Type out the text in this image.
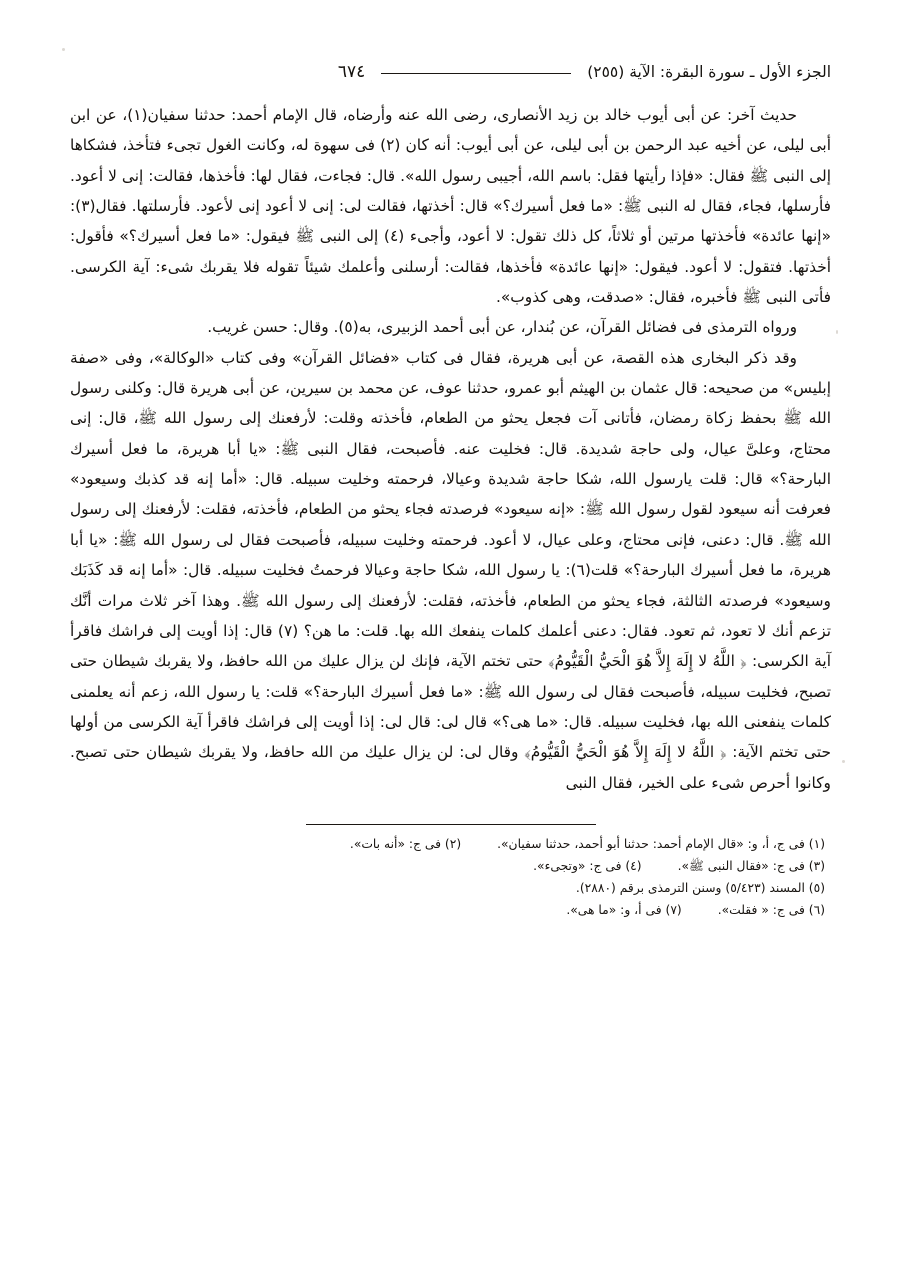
الجزء الأول ـ سورة البقرة: الآية (٢٥٥)
٦٧٤

حديث آخر: عن أبى أيوب خالد بن زيد الأنصارى، رضى الله عنه وأرضاه، قال الإمام أحمد: حدثنا سفيان(١)، عن ابن أبى ليلى، عن أخيه عبد الرحمن بن أبى ليلى، عن أبى أيوب: أنه كان (٢) فى سهوة له، وكانت الغول تجىء فتأخذ، فشكاها إلى النبى ﷺ فقال: «فإذا رأيتها فقل: باسم الله، أجيبى رسول الله». قال: فجاءت، فقال لها: فأخذها، فقالت: إنى لا أعود. فأرسلها، فجاء، فقال له النبى ﷺ: «ما فعل أسيرك؟» قال: أخذتها، فقالت لى: إنى لا أعود إنى لأعود. فأرسلتها. فقال(٣): «إنها عائدة» فأخذتها مرتين أو ثلاثاً، كل ذلك تقول: لا أعود، وأجىء (٤) إلى النبى ﷺ فيقول: «ما فعل أسيرك؟» فأقول: أخذتها. فتقول: لا أعود. فيقول: «إنها عائدة» فأخذها، فقالت: أرسلنى وأعلمك شيئاً تقوله فلا يقربك شىء: آية الكرسى. فأتى النبى ﷺ فأخبره، فقال: «صدقت، وهى كذوب».

ورواه الترمذى فى فضائل القرآن، عن بُندار، عن أبى أحمد الزبيرى، به(٥). وقال: حسن غريب.

وقد ذكر البخارى هذه القصة، عن أبى هريرة، فقال فى كتاب «فضائل القرآن» وفى كتاب «الوكالة»، وفى «صفة إبليس» من صحيحه: قال عثمان بن الهيثم أبو عمرو، حدثنا عوف، عن محمد بن سيرين، عن أبى هريرة قال: وكلنى رسول الله ﷺ بحفظ زكاة رمضان، فأتانى آت فجعل يحثو من الطعام، فأخذته وقلت: لأرفعنك إلى رسول الله ﷺ، قال: إنى محتاج، وعلىَّ عيال، ولى حاجة شديدة. قال: فخليت عنه. فأصبحت، فقال النبى ﷺ: «يا أبا هريرة، ما فعل أسيرك البارحة؟» قال: قلت يارسول الله، شكا حاجة شديدة وعيالا، فرحمته وخليت سبيله. قال: «أما إنه قد كذبك وسيعود» فعرفت أنه سيعود لقول رسول الله ﷺ: «إنه سيعود» فرصدته فجاء يحثو من الطعام، فأخذته، فقلت: لأرفعنك إلى رسول الله ﷺ. قال: دعنى، فإنى محتاج، وعلى عيال، لا أعود. فرحمته وخليت سبيله، فأصبحت فقال لى رسول الله ﷺ: «يا أبا هريرة، ما فعل أسيرك البارحة؟» قلت(٦): يا رسول الله، شكا حاجة وعيالا فرحمتُ فخليت سبيله. قال: «أما إنه قد كَذَبَك وسيعود» فرصدته الثالثة، فجاء يحثو من الطعام، فأخذته، فقلت: لأرفعنك إلى رسول الله ﷺ. وهذا آخر ثلاث مرات أنَّك تزعم أنك لا تعود، ثم تعود. فقال: دعنى أعلمك كلمات ينفعك الله بها. قلت: ما هن؟ (٧) قال: إذا أويت إلى فراشك فاقرأ آية الكرسى: ﴿ اللَّهُ لا إِلَهَ إِلاَّ هُوَ الْحَيُّ الْقَيُّومُ﴾ حتى تختم الآية، فإنك لن يزال عليك من الله حافظ، ولا يقربك شيطان حتى تصبح، فخليت سبيله، فأصبحت فقال لى رسول الله ﷺ: «ما فعل أسيرك البارحة؟» قلت: يا رسول الله، زعم أنه يعلمنى كلمات ينفعنى الله بها، فخليت سبيله. قال: «ما هى؟» قال لى: قال لى: إذا أويت إلى فراشك فاقرأ آية الكرسى من أولها حتى تختم الآية: ﴿ اللَّهُ لا إِلَهَ إِلاَّ هُوَ الْحَيُّ الْقَيُّومُ﴾ وقال لى: لن يزال عليك من الله حافظ، ولا يقربك شيطان حتى تصبح. وكانوا أحرص شىء على الخير، فقال النبى

(١) فى ج، أ، و: «قال الإمام أحمد: حدثنا أبو أحمد، حدثنا سفيان».
(٢) فى ج: «أنه بات».
(٣) فى ج: «فقال النبى ﷺ».
(٤) فى ج: «وتجىء».
(٥) المسند (٥/٤٢٣) وسنن الترمذى برقم (٢٨٨٠).
(٦) فى ج: « فقلت».
(٧) فى أ، و: «ما هى».
